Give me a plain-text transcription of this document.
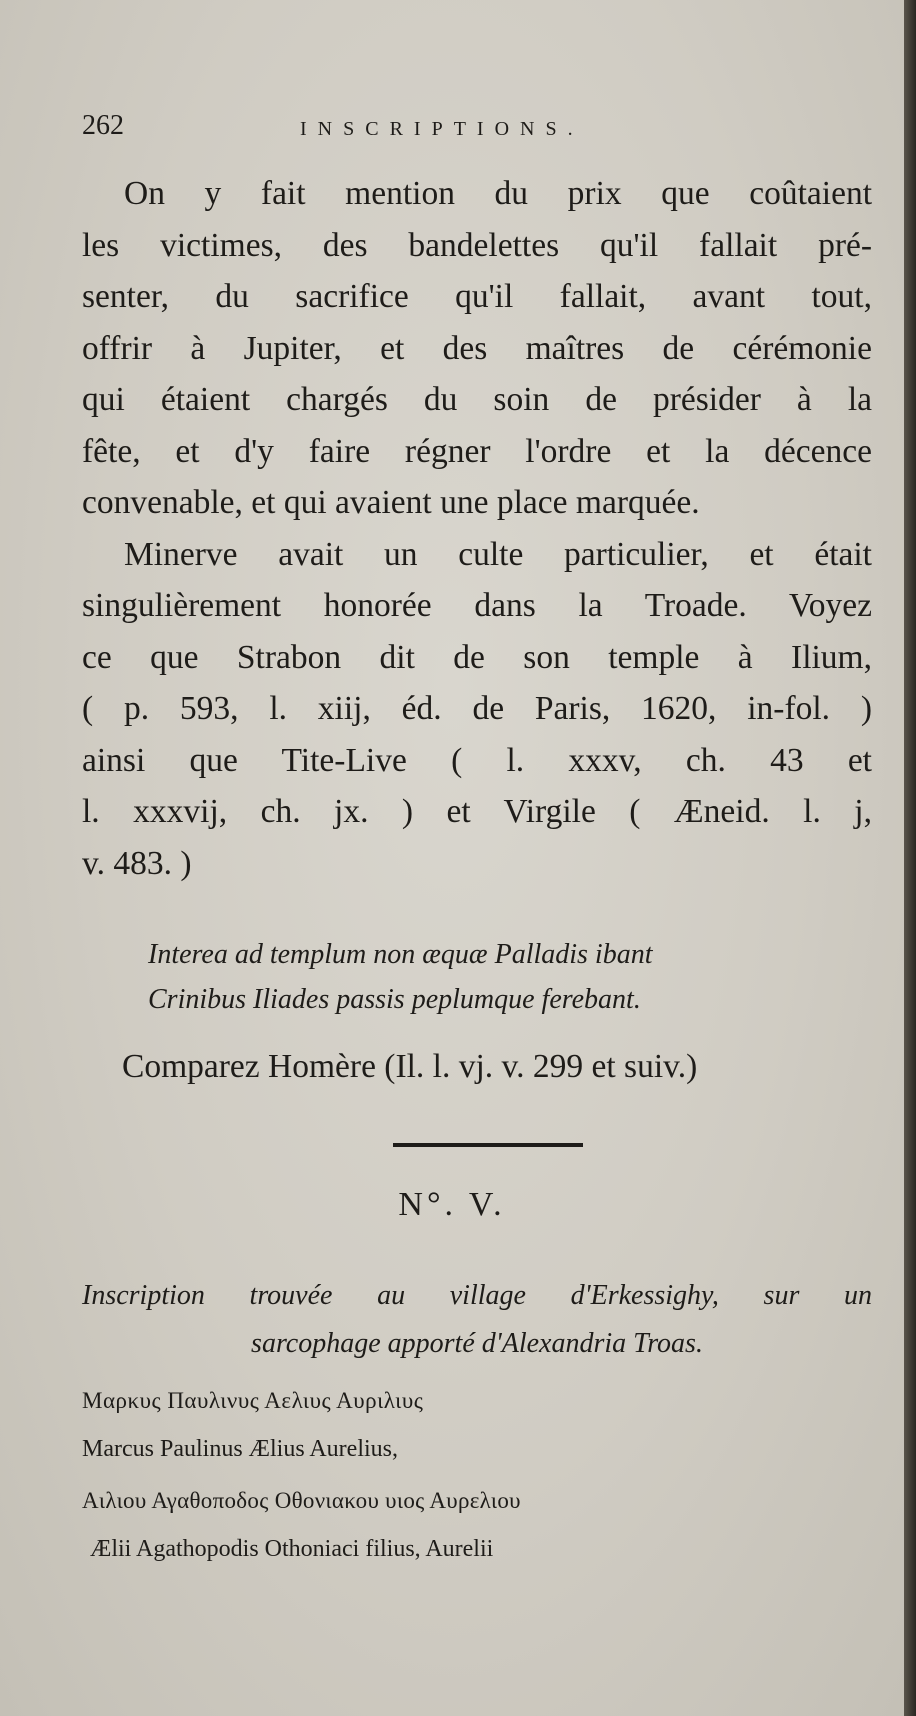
262	INSCRIPTIONS.
On y fait mention du prix que coûtaient
les victimes, des bandelettes qu'il fallait pré-
senter, du sacrifice qu'il fallait, avant tout,
offrir à Jupiter, et des maîtres de cérémonie
qui étaient chargés du soin de présider à la
fête, et d'y faire régner l'ordre et la décence
convenable, et qui avaient une place marquée.
Minerve avait un culte particulier, et était
singulièrement honorée dans la Troade. Voyez
ce que Strabon dit de son temple à Ilium,
( p. 593, l. xiij, éd. de Paris, 1620, in-fol. )
ainsi que Tite-Live ( l. xxxv, ch. 43 et
l. xxxvij, ch. jx. ) et Virgile ( Æneid. l. j,
v. 483. )
Interea ad templum non æquæ Palladis ibant
Crinibus Iliades passis peplumque ferebant.
Comparez Homère (Il. l. vj. v. 299 et suiv.)
N°. V.
Inscription trouvée au village d'Erkessighy, sur un
sarcophage apporté d'Alexandria Troas.
Μαρκυς Παυλινυς Αελιυς Αυριλιυς
Marcus Paulinus Ælius Aurelius,
Αιλιου Αγαθοποδος Οθονιακου υιος Αυρελιου
Ælii Agathopodis Othoniaci filius, Aurelii
